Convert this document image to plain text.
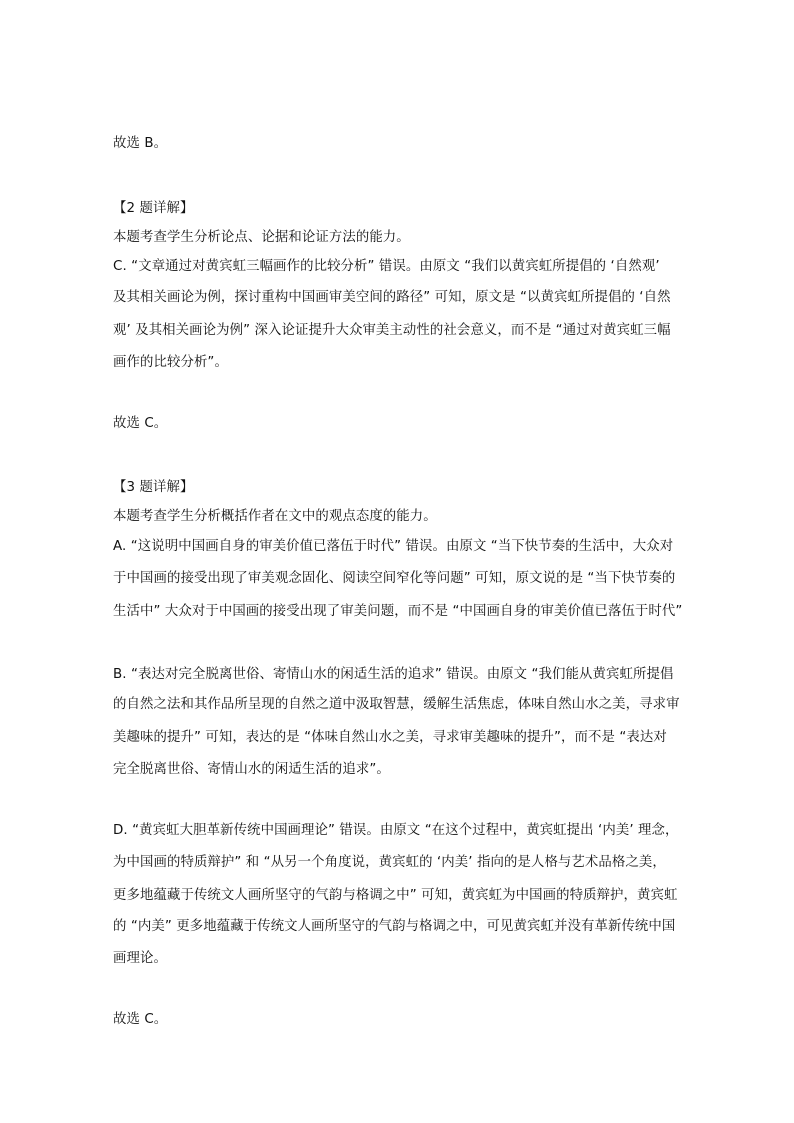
故选 B。
【2 题详解】
本题考查学生分析论点、论据和论证方法的能力。
C. “文章通过对黄宾虹三幅画作的比较分析” 错误。由原文 “我们以黄宾虹所提倡的 ‘自然观’
及其相关画论为例，探讨重构中国画审美空间的路径” 可知，原文是 “以黄宾虹所提倡的 ‘自然
观’ 及其相关画论为例” 深入论证提升大众审美主动性的社会意义，而不是 “通过对黄宾虹三幅
画作的比较分析”。
故选 C。
【3 题详解】
本题考查学生分析概括作者在文中的观点态度的能力。
A. “这说明中国画自身的审美价值已落伍于时代” 错误。由原文 “当下快节奏的生活中，大众对
于中国画的接受出现了审美观念固化、阅读空间窄化等问题” 可知，原文说的是 “当下快节奏的
生活中” 大众对于中国画的接受出现了审美问题，而不是 “中国画自身的审美价值已落伍于时代”
B. “表达对完全脱离世俗、寄情山水的闲适生活的追求” 错误。由原文 “我们能从黄宾虹所提倡
的自然之法和其作品所呈现的自然之道中汲取智慧，缓解生活焦虑，体味自然山水之美，寻求审
美趣味的提升” 可知，表达的是 “体味自然山水之美，寻求审美趣味的提升”，而不是 “表达对
完全脱离世俗、寄情山水的闲适生活的追求”。
D. “黄宾虹大胆革新传统中国画理论” 错误。由原文 “在这个过程中，黄宾虹提出 ‘内美’ 理念，
为中国画的特质辩护” 和 “从另一个角度说，黄宾虹的 ‘内美’ 指向的是人格与艺术品格之美，
更多地蕴藏于传统文人画所坚守的气韵与格调之中” 可知，黄宾虹为中国画的特质辩护，黄宾虹
的 “内美” 更多地蕴藏于传统文人画所坚守的气韵与格调之中，可见黄宾虹并没有革新传统中国
画理论。
故选 C。
